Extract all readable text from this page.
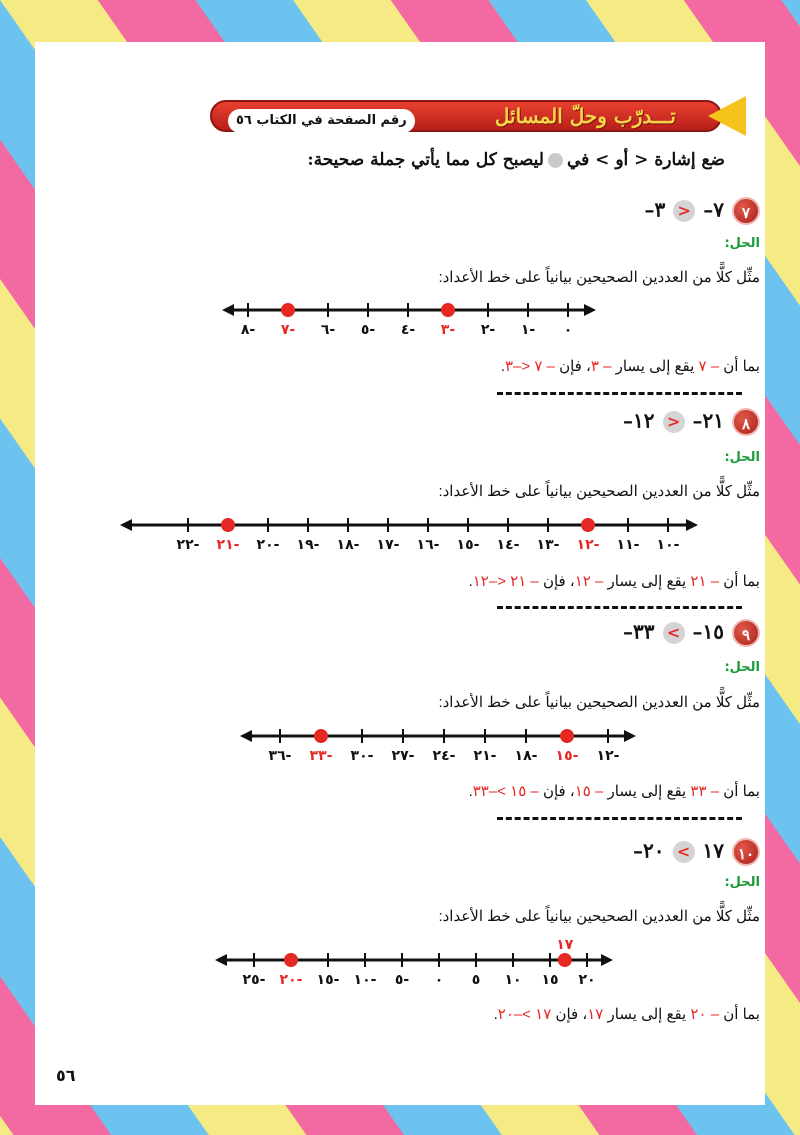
تـــدرّب وحلّ المسائل
رقم الصفحة في الكتاب ٥٦
ضع إشارة < أو > فيليصبح كل مما يأتي جملة صحيحة:
٧٧–<٣–
الحل:
مثِّل كلًّا من العددين الصحيحين بيانياً على خط الأعداد:
٠
١-
٢-
٣-
٤-
٥-
٦-
٧-
٨-
بما أن – ٧ يقع إلى يسار – ٣، فإن – ٧ <–٣.
٨٢١–<١٢–
الحل:
مثِّل كلًّا من العددين الصحيحين بيانياً على خط الأعداد:
١٠-
١١-
١٢-
١٣-
١٤-
١٥-
١٦-
١٧-
١٨-
١٩-
٢٠-
٢١-
٢٢-
بما أن – ٢١ يقع إلى يسار – ١٢، فإن – ٢١ <–١٢.
٩١٥–>٣٣–
الحل:
مثِّل كلًّا من العددين الصحيحين بيانياً على خط الأعداد:
١٢-
١٥-
١٨-
٢١-
٢٤-
٢٧-
٣٠-
٣٣-
٣٦-
بما أن – ٣٣ يقع إلى يسار – ١٥، فإن – ١٥ >–٣٣.
١٠١٧>٢٠–
الحل:
مثِّل كلًّا من العددين الصحيحين بيانياً على خط الأعداد:
٢٠
١٥
١٠
٥
٠
٥-
١٠-
١٥-
٢٠-
٢٥-
١٧
بما أن – ٢٠ يقع إلى يسار ١٧، فإن ١٧ >–٢٠.
٥٦
